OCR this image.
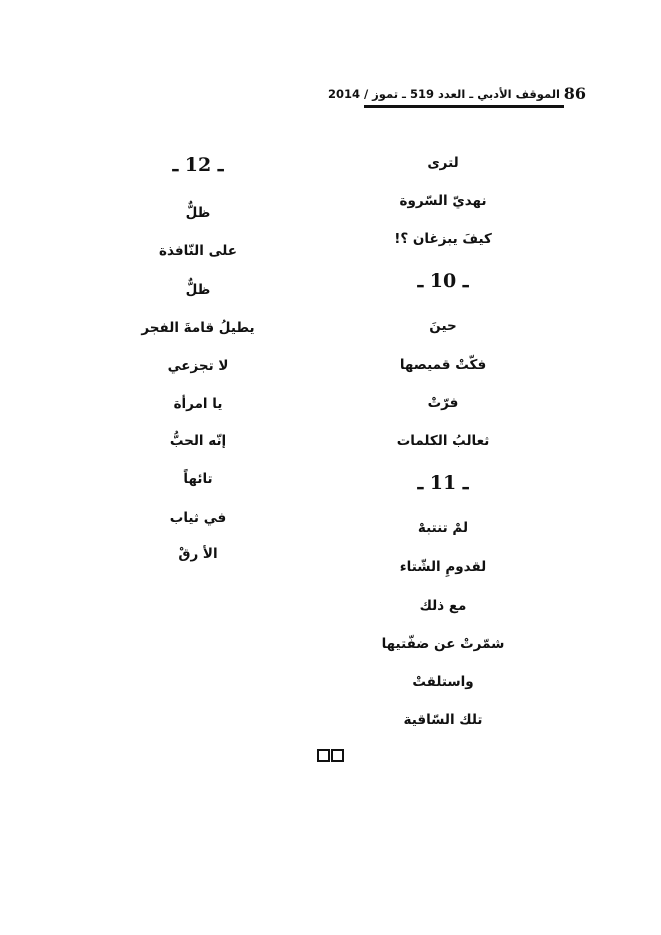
86
الموقف الأدبي ـ العدد 519 ـ تموز / 2014
لترى
نهديّ السّروة
كيفَ يبزغان ؟!
ـ 10 ـ
حينَ
فكّتْ قميصها
فرّتْ
ثعالبُ الكلمات
ـ 11 ـ
لمْ تنتبهْ
لقدومِ الشّتاء
مع ذلك
شمّرتْ عن ضفّتيها
واستلقتْ
تلك السّاقية
ـ 12 ـ
ظلٌّ
على النّافذة
ظلٌّ
يطيلُ قامةَ الفجر
لا تجزعي
يا امرأة
إنّه الحبُّ
تائهاً
في ثياب
الأ رقْ
